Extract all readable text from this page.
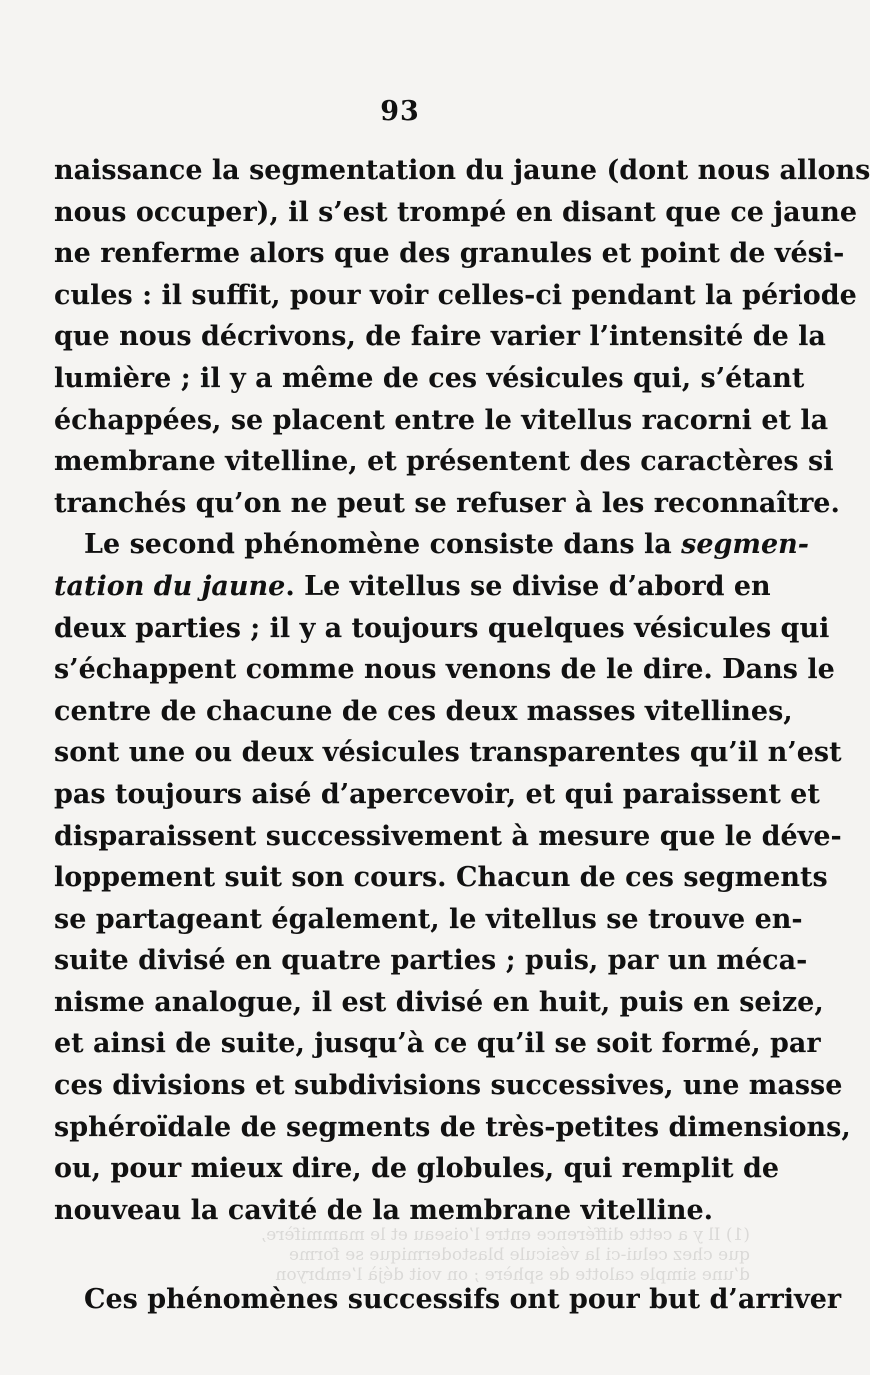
93
(1) Il y a cette différence entre l’oiseau et le mammifère,
que chez celui-ci la vésicule blastodermique se forme
d’une simple calotte de sphère ; on voit déjà l’embryon
naissance la segmentation du jaune (dont nous allons
nous occuper), il s’est trompé en disant que ce jaune
ne renferme alors que des granules et point de vési-
cules : il suffit, pour voir celles-ci pendant la période
que nous décrivons, de faire varier l’intensité de la
lumière ; il y a même de ces vésicules qui, s’étant
échappées, se placent entre le vitellus racorni et la
membrane vitelline, et présentent des caractères si
tranchés qu’on ne peut se refuser à les reconnaître.
Le second phénomène consiste dans la segmen-
tation du jaune. Le vitellus se divise d’abord en
deux parties ; il y a toujours quelques vésicules qui
s’échappent comme nous venons de le dire. Dans le
centre de chacune de ces deux masses vitellines,
sont une ou deux vésicules transparentes qu’il n’est
pas toujours aisé d’apercevoir, et qui paraissent et
disparaissent successivement à mesure que le déve-
loppement suit son cours. Chacun de ces segments
se partageant également, le vitellus se trouve en-
suite divisé en quatre parties ; puis, par un méca-
nisme analogue, il est divisé en huit, puis en seize,
et ainsi de suite, jusqu’à ce qu’il se soit formé, par
ces divisions et subdivisions successives, une masse
sphéroïdale de segments de très-petites dimensions,
ou, pour mieux dire, de globules, qui remplit de
nouveau la cavité de la membrane vitelline.
Ces phénomènes successifs ont pour but d’arriver
